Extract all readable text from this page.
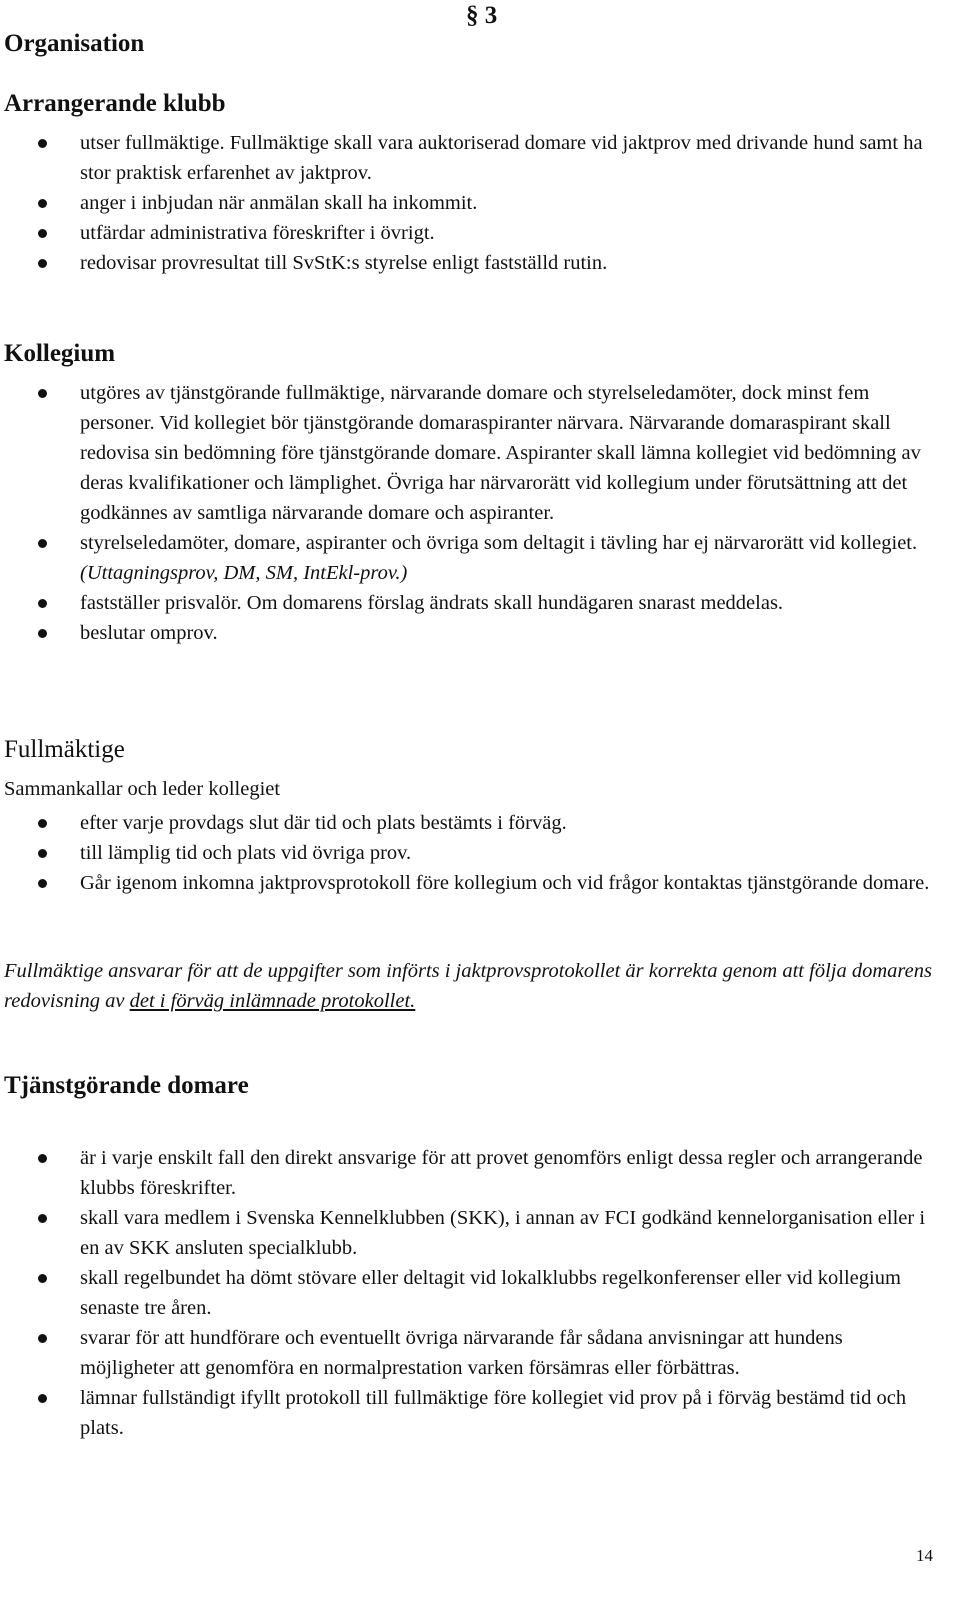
§ 3
Organisation
Arrangerande klubb
utser fullmäktige. Fullmäktige skall vara auktoriserad domare vid jaktprov med drivande hund samt ha stor praktisk erfarenhet av jaktprov.
anger i inbjudan när anmälan skall ha inkommit.
utfärdar administrativa föreskrifter i övrigt.
redovisar provresultat till SvStK:s styrelse enligt fastställd rutin.
Kollegium
utgöres av tjänstgörande fullmäktige, närvarande domare och styrelseledamöter, dock minst fem personer. Vid kollegiet bör tjänstgörande domaraspiranter närvara. Närvarande domaraspirant skall redovisa sin bedömning före tjänstgörande domare. Aspiranter skall lämna kollegiet vid bedömning av deras kvalifikationer och lämplighet. Övriga har närvarorätt vid kollegium under förutsättning att det godkännes av samtliga närvarande domare och aspiranter.
styrelseledamöter, domare, aspiranter och övriga som deltagit i tävling har ej närvarorätt vid kollegiet. (Uttagningsprov, DM, SM, IntEkl-prov.)
fastställer prisvalör. Om domarens förslag ändrats skall hundägaren snarast meddelas.
beslutar omprov.
Fullmäktige

Sammankallar och leder kollegiet

efter varje provdags slut där tid och plats bestämts i förväg.
till lämplig tid och plats vid övriga prov.
Går igenom inkomna jaktprovsprotokoll före kollegium och vid frågor kontaktas tjänstgörande domare.

Fullmäktige ansvarar för att de uppgifter som införts i jaktprovsprotokollet är korrekta genom att följa domarens redovisning av det i förväg inlämnade protokollet.

Tjänstgörande domare
är i varje enskilt fall den direkt ansvarige för att provet genomförs enligt dessa regler och arrangerande klubbs föreskrifter.
skall vara medlem i Svenska Kennelklubben (SKK), i annan av FCI godkänd kennelorganisation eller i en av SKK ansluten specialklubb.
skall regelbundet ha dömt stövare eller deltagit vid lokalklubbs regelkonferenser eller vid kollegium senaste tre åren.
svarar för att hundförare och eventuellt övriga närvarande får sådana anvisningar att hundens möjligheter att genomföra en normalprestation varken försämras eller förbättras.
lämnar fullständigt ifyllt protokoll till fullmäktige före kollegiet vid prov på i förväg bestämd tid och plats.
14
